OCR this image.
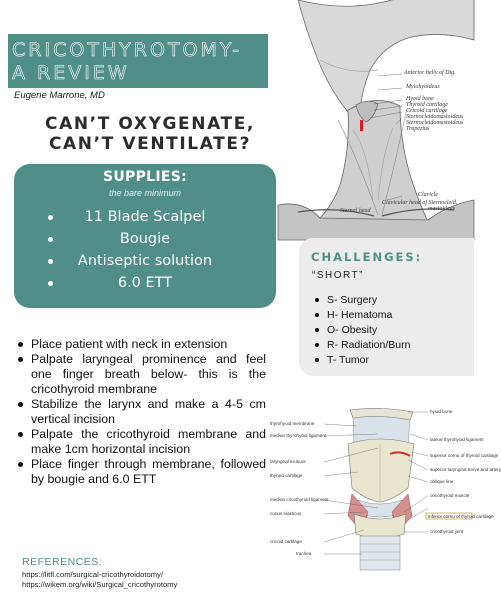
CRICOTHYROTOMY-
A REVIEW
Eugene Marrone, MD
CAN’T OXYGENATE,
CAN’T VENTILATE?
Anterior belly of Dig.
Mylohyoideus
Hyoid bone
Thyroid cartilage
Cricoid cartilage
Sternocleidomastoideus
Sternocleidomastoideus
Trapezius
Clavicle
Clavicular head of Sternocleid.
Sternal head	mastoideus
SUPPLIES:
the bare minimum
11 Blade Scalpel
Bougie
Antiseptic solution
6.0 ETT
CHALLENGES:
“SHORT”
S- Surgery
H- Hematoma
O- Obesity
R- Radiation/Burn
T- Tumor
Place patient with neck in extension
Palpate laryngeal prominence and feel one finger breath below- this is the cricothyroid membrane
Stabilize the larynx and make a 4-5 cm vertical incision
Palpate the cricothyroid membrane and make 1cm horizontal incision
Place finger through membrane, followed by bougie and 6.0 ETT
REFERENCES:
https://litfl.com/surgical-cricothyroidotomy/
https://wikem.org/wiki/Surgical_cricothyrotomy
thyrohyoid membrane
median thyrohyoid ligament
laryngeal incisure
thyroid cartilage
median cricothyroid ligament
conus elasticus
cricoid cartilage
trachea
hyoid bone
lateral thyrohyoid ligament
superior cornu of thyroid cartilage
superior laryngeal nerve and artery
oblique line
cricothyroid muscle
inferior cornu of thyroid cartilage
cricothyroid joint
